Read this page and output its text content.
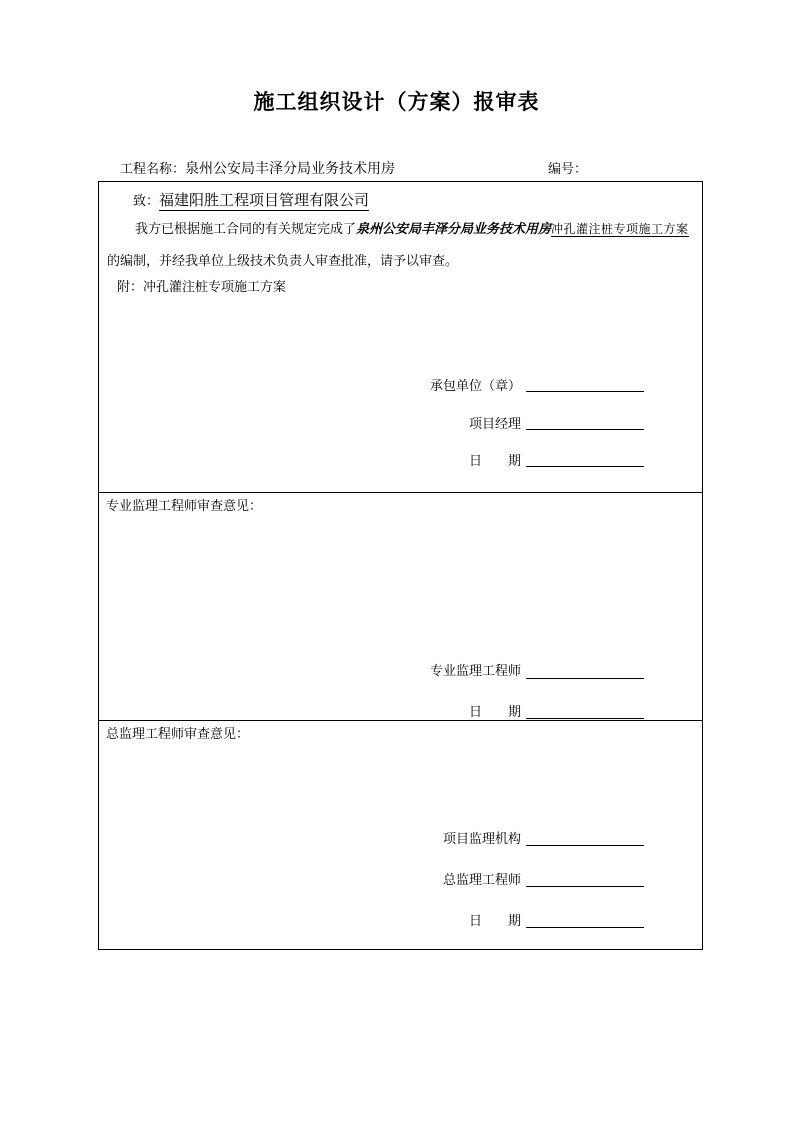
施工组织设计（方案）报审表
工程名称：泉州公安局丰泽分局业务技术用房	编号：
致：福建阳胜工程项目管理有限公司
我方已根据施工合同的有关规定完成了泉州公安局丰泽分局业务技术用房冲孔灌注桩专项施工方案的编制，并经我单位上级技术负责人审查批准，请予以审查。
附：冲孔灌注桩专项施工方案
承包单位（章）
项目经理
日　　期
专业监理工程师审查意见：
专业监理工程师
日　　期
总监理工程师审查意见：
项目监理机构
总监理工程师
日　　期
